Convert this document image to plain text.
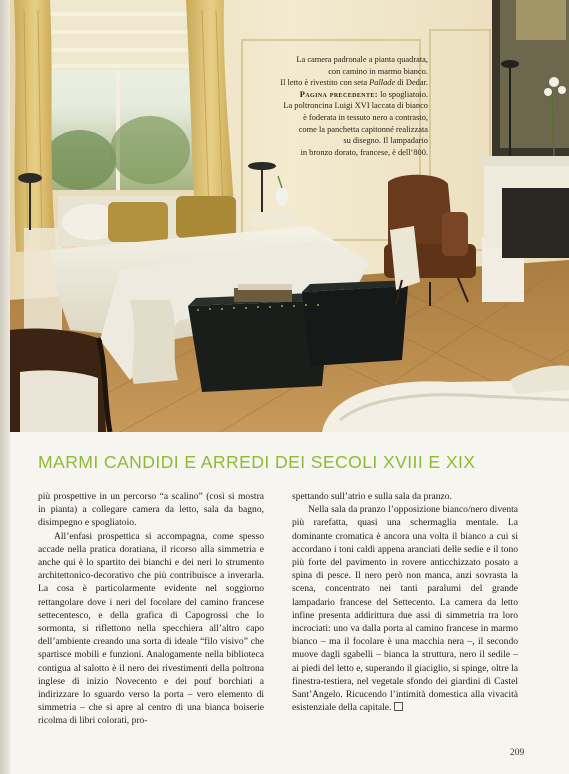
La camera padronale a pianta quadrata,
con camino in marmo bianco.
Il letto è rivestito con seta Pallade di Dedar.
Pagina precedente: lo spogliatoio.
La poltroncina Luigi XVI laccata di bianco
è foderata in tessuto nero a contrasto,
come la panchetta capitonné realizzata
su disegno. Il lampadario
in bronzo dorato, francese, è dell’800.
MARMI CANDIDI E ARREDI DEI SECOLI XVIII E XIX

più prospettive in un percorso “a scalino” (così si mostra in pianta) a collegare camera da letto, sala da bagno, disimpegno e spogliatoio.

All’enfasi prospettica si accompagna, come spesso accade nella pratica doratiana, il ricorso alla simmetria e anche qui è lo spartito dei bianchi e dei neri lo strumento architettonico-decorativo che più contribuisce a inverarla. La cosa è particolarmente evidente nel soggiorno rettangolare dove i neri del focolare del camino francese settecentesco, e della grafica di Capogrossi che lo sormonta, si riflettono nella specchiera all’altro capo dell’ambiente creando una sorta di ideale “filo visivo” che spartisce mobili e funzioni. Analogamente nella biblioteca contigua al salotto è il nero dei rivestimenti della poltrona inglese di inizio Novecento e dei pouf borchiati a indirizzare lo sguardo verso la porta – vero elemento di simmetria – che si apre al centro di una bianca boiserie ricolma di libri colorati, pro-

spettando sull’atrio e sulla sala da pranzo.

Nella sala da pranzo l’opposizione bianco/nero diventa più rarefatta, quasi una schermaglia mentale. La dominante cromatica è ancora una volta il bianco a cui si accordano i toni caldi appena aranciati delle sedie e il tono più forte del pavimento in rovere anticchizzato posato a spina di pesce. Il nero però non manca, anzi sovrasta la scena, concentrato nei tanti paralumi del grande lampadario francese del Settecento. La camera da letto infine presenta addirittura due assi di simmetria tra loro incrociati: uno va dalla porta al camino francese in marmo bianco – ma il focolare è una macchia nera –, il secondo muove dagli sgabelli – bianca la struttura, nero il sedile – ai piedi del letto e, superando il giaciglio, si spinge, oltre la finestra-testiera, nel vegetale sfondo dei giardini di Castel Sant’Angelo. Ricucendo l’intimità domestica alla vivacità esistenziale della capitale.

209
